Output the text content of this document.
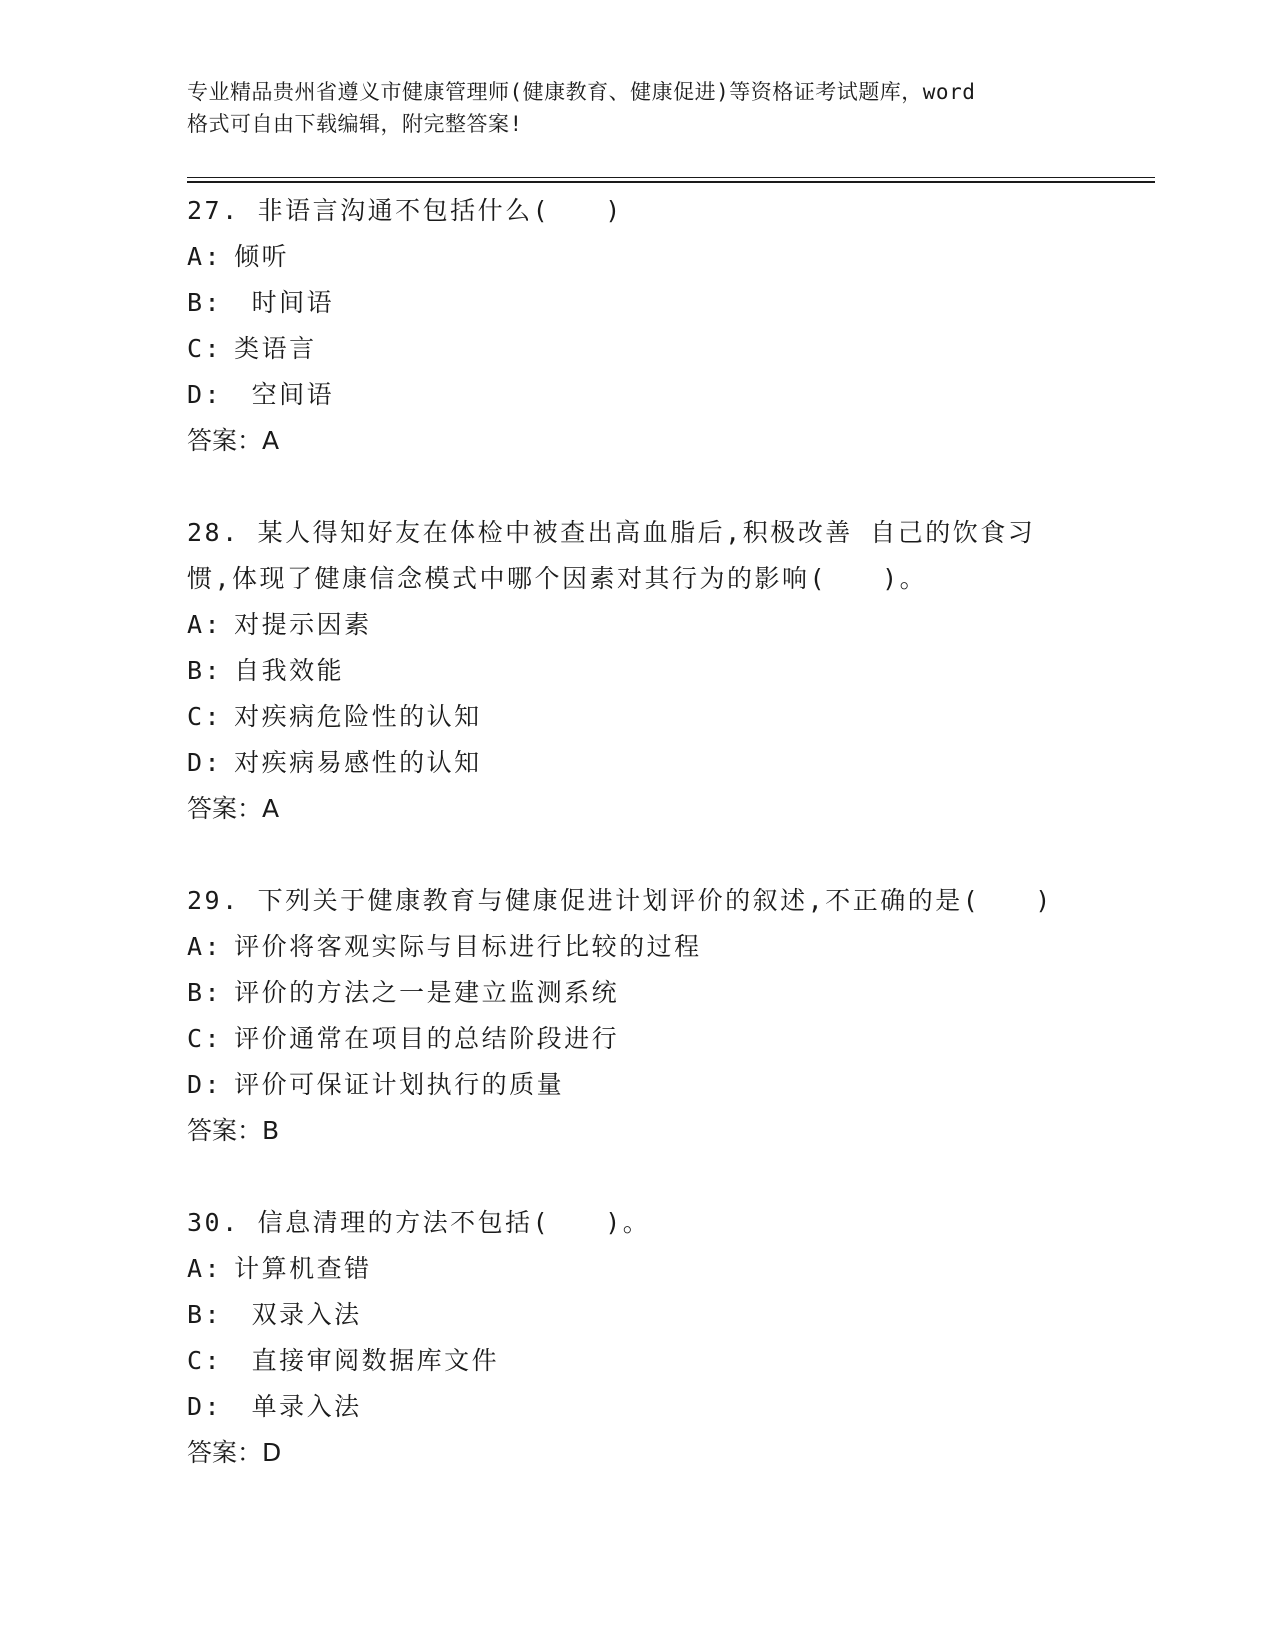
专业精品贵州省遵义市健康管理师(健康教育、健康促进)等资格证考试题库，word
格式可自由下载编辑，附完整答案!
27. 非语言沟通不包括什么(　　)
A: 倾听
B: 时间语
C: 类语言
D: 空间语
答案：A
28. 某人得知好友在体检中被查出高血脂后,积极改善 自己的饮食习
惯,体现了健康信念模式中哪个因素对其行为的影响(　　)。
A: 对提示因素
B: 自我效能
C: 对疾病危险性的认知
D: 对疾病易感性的认知
答案：A
29. 下列关于健康教育与健康促进计划评价的叙述,不正确的是(　　)
A: 评价将客观实际与目标进行比较的过程
B: 评价的方法之一是建立监测系统
C: 评价通常在项目的总结阶段进行
D: 评价可保证计划执行的质量
答案：B
30. 信息清理的方法不包括(　　)。
A: 计算机查错
B: 双录入法
C: 直接审阅数据库文件
D: 单录入法
答案：D
